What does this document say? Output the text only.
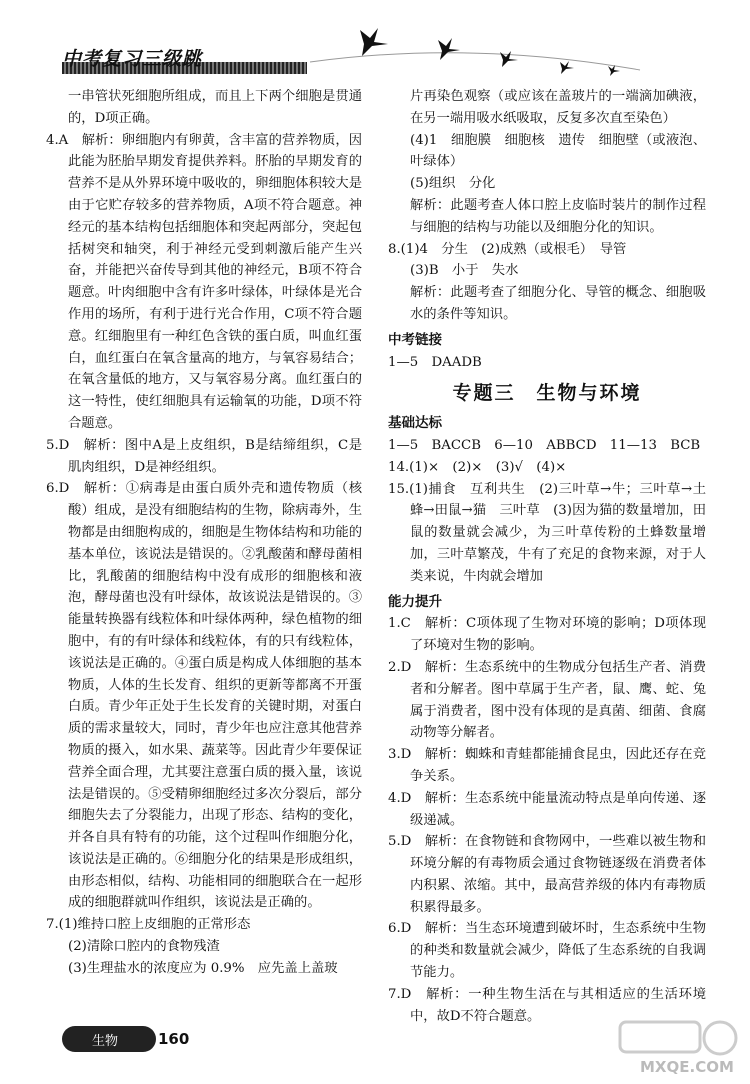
中考复习三级跳

一串管状死细胞所组成，而且上下两个细胞是贯通的，D项正确。

4.A　解析：卵细胞内有卵黄，含丰富的营养物质，因此能为胚胎早期发育提供养料。肧胎的早期发育的营养不是从外界环境中吸收的，卵细胞体积较大是由于它贮存较多的营养物质，A项不符合题意。神经元的基本结构包括细胞体和突起两部分，突起包括树突和轴突，利于神经元受到刺激后能产生兴奋，并能把兴奋传导到其他的神经元，B项不符合题意。叶肉细胞中含有许多叶绿体，叶绿体是光合作用的场所，有利于进行光合作用，C项不符合题意。红细胞里有一种红色含铁的蛋白质，叫血红蛋白，血红蛋白在氧含量高的地方，与氧容易结合；在氧含量低的地方，又与氧容易分离。血红蛋白的这一特性，使红细胞具有运输氧的功能，D项不符合题意。

5.D　解析：图中A是上皮组织，B是结缔组织，C是肌肉组织，D是神经组织。

6.D　解析：①病毒是由蛋白质外壳和遗传物质（核酸）组成，是没有细胞结构的生物，除病毒外，生物都是由细胞构成的，细胞是生物体结构和功能的基本单位，该说法是错误的。②乳酸菌和酵母菌相比，乳酸菌的细胞结构中没有成形的细胞核和液泡，酵母菌也没有叶绿体，故该说法是错误的。③能量转换器有线粒体和叶绿体两种，绿色植物的细胞中，有的有叶绿体和线粒体，有的只有线粒体，该说法是正确的。④蛋白质是构成人体细胞的基本物质，人体的生长发育、组织的更新等都离不开蛋白质。青少年正处于生长发育的关键时期，对蛋白质的需求量较大，同时，青少年也应注意其他营养物质的摄入，如水果、蔬菜等。因此青少年要保证营养全面合理，尤其要注意蛋白质的摄入量，该说法是错误的。⑤受精卵细胞经过多次分裂后，部分细胞失去了分裂能力，出现了形态、结构的变化，并各自具有特有的功能，这个过程叫作细胞分化，该说法是正确的。⑥细胞分化的结果是形成组织，由形态相似，结构、功能相同的细胞联合在一起形成的细胞群就叫作组织，该说法是正确的。

7.(1)维持口腔上皮细胞的正常形态

(2)清除口腔内的食物残渣

(3)生理盐水的浓度应为 0.9%　应先盖上盖玻

片再染色观察（或应该在盖玻片的一端滴加碘液，在另一端用吸水纸吸取，反复多次直至染色）

(4)1　细胞膜　细胞核　遗传　细胞壁（或液泡、叶绿体）

(5)组织　分化

解析：此题考查人体口腔上皮临时装片的制作过程与细胞的结构与功能以及细胞分化的知识。

8.(1)4　分生　(2)成熟（或根毛）　导管

(3)B　小于　失水

解析：此题考查了细胞分化、导管的概念、细胞吸水的条件等知识。

中考链接

1—5　DAADB

专题三　生物与环境

基础达标

1—5　BACCB　6—10　ABBCD　11—13　BCB

14.(1)×　(2)×　(3)√　(4)×

15.(1)捕食　互利共生　(2)三叶草→牛；三叶草→土蜂→田鼠→猫　三叶草　(3)因为猫的数量增加，田鼠的数量就会减少，为三叶草传粉的土蜂数量增加，三叶草繁茂，牛有了充足的食物来源，对于人类来说，牛肉就会增加

能力提升

1.C　解析：C项体现了生物对环境的影响；D项体现了环境对生物的影响。

2.D　解析：生态系统中的生物成分包括生产者、消费者和分解者。图中草属于生产者，鼠、鹰、蛇、兔属于消费者，图中没有体现的是真菌、细菌、食腐动物等分解者。

3.D　解析：蜘蛛和青蛙都能捕食昆虫，因此还存在竞争关系。

4.D　解析：生态系统中能量流动特点是单向传递、逐级递减。

5.D　解析：在食物链和食物网中，一些难以被生物和环境分解的有毒物质会通过食物链逐级在消费者体内积累、浓缩。其中，最高营养级的体内有毒物质积累得最多。

6.D　解析：当生态环境遭到破坏时，生态系统中生物的种类和数量就会减少，降低了生态系统的自我调节能力。

7.D　解析：一种生物生活在与其相适应的生活环境中，故D不符合题意。

生物	160
MXQE.COM
